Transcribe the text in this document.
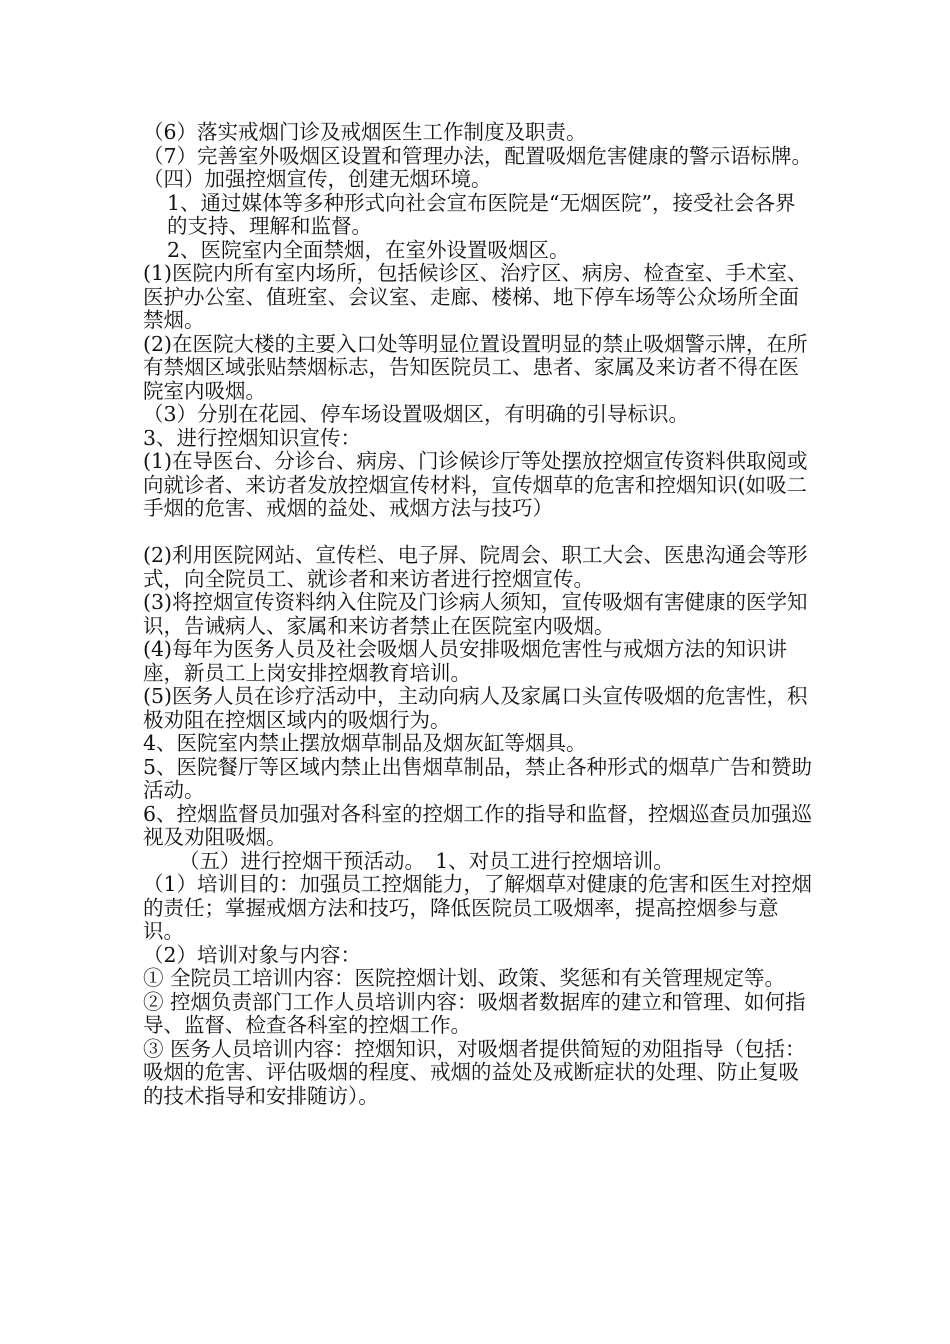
（6）落实戒烟门诊及戒烟医生工作制度及职责。

（7）完善室外吸烟区设置和管理办法，配置吸烟危害健康的警示语标牌。

（四）加强控烟宣传，创建无烟环境。

1、通过媒体等多种形式向社会宣布医院是“无烟医院”，接受社会各界的支持、理解和监督。

2、医院室内全面禁烟，在室外设置吸烟区。

(1)医院内所有室内场所，包括候诊区、治疗区、病房、检查室、手术室、医护办公室、值班室、会议室、走廊、楼梯、地下停车场等公众场所全面禁烟。

(2)在医院大楼的主要入口处等明显位置设置明显的禁止吸烟警示牌，在所有禁烟区域张贴禁烟标志，告知医院员工、患者、家属及来访者不得在医院室内吸烟。

（3）分别在花园、停车场设置吸烟区，有明确的引导标识。

3、进行控烟知识宣传：

(1)在导医台、分诊台、病房、门诊候诊厅等处摆放控烟宣传资料供取阅或向就诊者、来访者发放控烟宣传材料，宣传烟草的危害和控烟知识(如吸二手烟的危害、戒烟的益处、戒烟方法与技巧）

(2)利用医院网站、宣传栏、电子屏、院周会、职工大会、医患沟通会等形式，向全院员工、就诊者和来访者进行控烟宣传。

(3)将控烟宣传资料纳入住院及门诊病人须知，宣传吸烟有害健康的医学知识，告诫病人、家属和来访者禁止在医院室内吸烟。

(4)每年为医务人员及社会吸烟人员安排吸烟危害性与戒烟方法的知识讲座，新员工上岗安排控烟教育培训。

(5)医务人员在诊疗活动中，主动向病人及家属口头宣传吸烟的危害性，积极劝阻在控烟区域内的吸烟行为。

4、医院室内禁止摆放烟草制品及烟灰缸等烟具。

5、医院餐厅等区域内禁止出售烟草制品，禁止各种形式的烟草广告和赞助活动。

6、控烟监督员加强对各科室的控烟工作的指导和监督，控烟巡查员加强巡视及劝阻吸烟。

（五）进行控烟干预活动。　1、对员工进行控烟培训。

（1）培训目的：加强员工控烟能力，了解烟草对健康的危害和医生对控烟的责任；掌握戒烟方法和技巧，降低医院员工吸烟率，提高控烟参与意识。

（2）培训对象与内容：

① 全院员工培训内容：医院控烟计划、政策、奖惩和有关管理规定等。

② 控烟负责部门工作人员培训内容：吸烟者数据库的建立和管理、如何指导、监督、检查各科室的控烟工作。

③ 医务人员培训内容：控烟知识，对吸烟者提供简短的劝阻指导（包括：吸烟的危害、评估吸烟的程度、戒烟的益处及戒断症状的处理、防止复吸的技术指导和安排随访）。
